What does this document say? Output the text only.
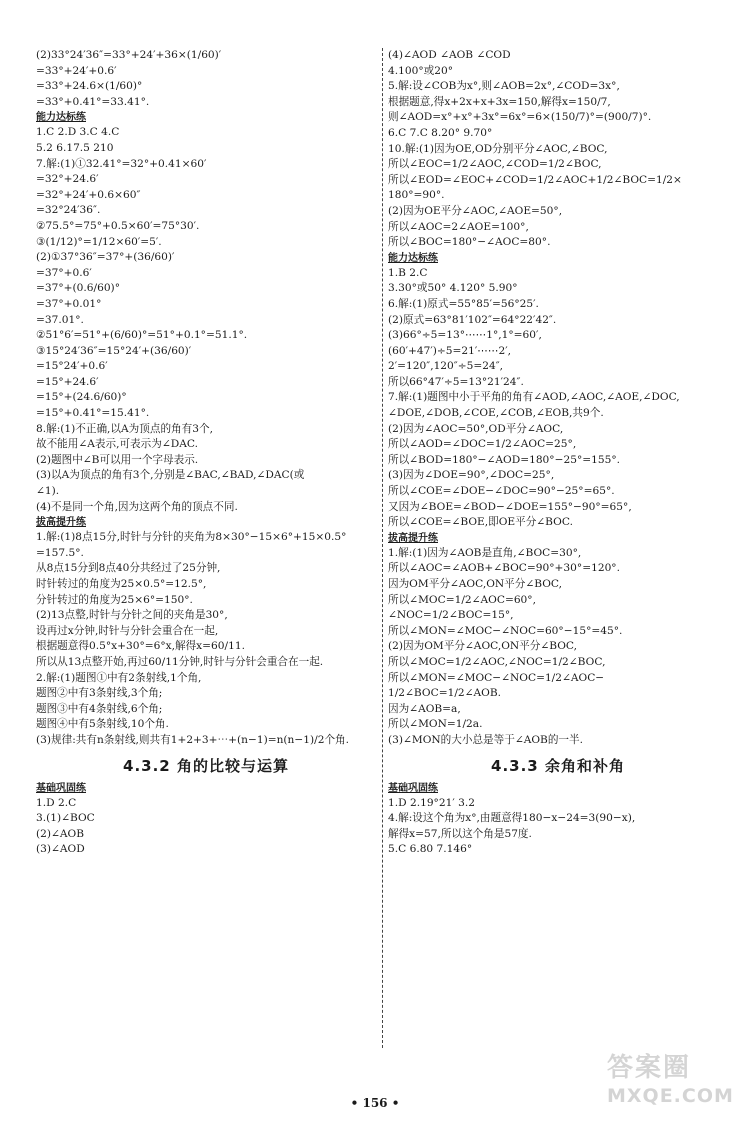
(2)33°24′36″=33°+24′+36×(1/60)′
=33°+24′+0.6′
=33°+24.6×(1/60)°
=33°+0.41°=33.41°.
能力达标练
1.C 2.D 3.C 4.C
5.2 6.17.5 210
7.解:(1)①32.41°=32°+0.41×60′
=32°+24.6′
=32°+24′+0.6×60″
=32°24′36″.
②75.5°=75°+0.5×60′=75°30′.
③(1/12)°=1/12×60′=5′.
(2)①37°36″=37°+(36/60)′
=37°+0.6′
=37°+(0.6/60)°
=37°+0.01°
=37.01°.
②51°6′=51°+(6/60)°=51°+0.1°=51.1°.
③15°24′36″=15°24′+(36/60)′
=15°24′+0.6′
=15°+24.6′
=15°+(24.6/60)°
=15°+0.41°=15.41°.
8.解:(1)不正确,以A为顶点的角有3个,
故不能用∠A表示,可表示为∠DAC.
(2)题图中∠B可以用一个字母表示.
(3)以A为顶点的角有3个,分别是∠BAC,∠BAD,∠DAC(或
∠1).
(4)不是同一个角,因为这两个角的顶点不同.
拔高提升练
1.解:(1)8点15分,时针与分针的夹角为8×30°−15×6°+15×0.5°
=157.5°.
从8点15分到8点40分共经过了25分钟,
时针转过的角度为25×0.5°=12.5°,
分针转过的角度为25×6°=150°.
(2)13点整,时针与分针之间的夹角是30°,
设再过x分钟,时针与分针会重合在一起,
根据题意得0.5°x+30°=6°x,解得x=60/11.
所以从13点整开始,再过60/11分钟,时针与分针会重合在一起.
2.解:(1)题图①中有2条射线,1个角,
题图②中有3条射线,3个角;
题图③中有4条射线,6个角;
题图④中有5条射线,10个角.
(3)规律:共有n条射线,则共有1+2+3+⋯+(n−1)=n(n−1)/2个角.
4.3.2 角的比较与运算
基础巩固练
1.D 2.C
3.(1)∠BOC
(2)∠AOB
(3)∠AOD
(4)∠AOD ∠AOB ∠COD
4.100°或20°
5.解:设∠COB为x°,则∠AOB=2x°,∠COD=3x°,
根据题意,得x+2x+x+3x=150,解得x=150/7,
则∠AOD=x°+x°+3x°=6x°=6×(150/7)°=(900/7)°.
6.C 7.C 8.20° 9.70°
10.解:(1)因为OE,OD分别平分∠AOC,∠BOC,
所以∠EOC=1/2∠AOC,∠COD=1/2∠BOC,
所以∠EOD=∠EOC+∠COD=1/2∠AOC+1/2∠BOC=1/2×
180°=90°.
(2)因为OE平分∠AOC,∠AOE=50°,
所以∠AOC=2∠AOE=100°,
所以∠BOC=180°−∠AOC=80°.
能力达标练
1.B 2.C
3.30°或50° 4.120° 5.90°
6.解:(1)原式=55°85′=56°25′.
(2)原式=63°81′102″=64°22′42″.
(3)66°÷5=13°⋯⋯1°,1°=60′,
(60′+47′)÷5=21′⋯⋯2′,
2′=120″,120″÷5=24″,
所以66°47′÷5=13°21′24″.
7.解:(1)题图中小于平角的角有∠AOD,∠AOC,∠AOE,∠DOC,
∠DOE,∠DOB,∠COE,∠COB,∠EOB,共9个.
(2)因为∠AOC=50°,OD平分∠AOC,
所以∠AOD=∠DOC=1/2∠AOC=25°,
所以∠BOD=180°−∠AOD=180°−25°=155°.
(3)因为∠DOE=90°,∠DOC=25°,
所以∠COE=∠DOE−∠DOC=90°−25°=65°.
又因为∠BOE=∠BOD−∠DOE=155°−90°=65°,
所以∠COE=∠BOE,即OE平分∠BOC.
拔高提升练
1.解:(1)因为∠AOB是直角,∠BOC=30°,
所以∠AOC=∠AOB+∠BOC=90°+30°=120°.
因为OM平分∠AOC,ON平分∠BOC,
所以∠MOC=1/2∠AOC=60°,
∠NOC=1/2∠BOC=15°,
所以∠MON=∠MOC−∠NOC=60°−15°=45°.
(2)因为OM平分∠AOC,ON平分∠BOC,
所以∠MOC=1/2∠AOC,∠NOC=1/2∠BOC,
所以∠MON=∠MOC−∠NOC=1/2∠AOC−
1/2∠BOC=1/2∠AOB.
因为∠AOB=a,
所以∠MON=1/2a.
(3)∠MON的大小总是等于∠AOB的一半.
4.3.3 余角和补角
基础巩固练
1.D 2.19°21′ 3.2
4.解:设这个角为x°,由题意得180−x−24=3(90−x),
解得x=57,所以这个角是57度.
5.C 6.80 7.146°
• 156 •
答案圈
MXQE.COM
